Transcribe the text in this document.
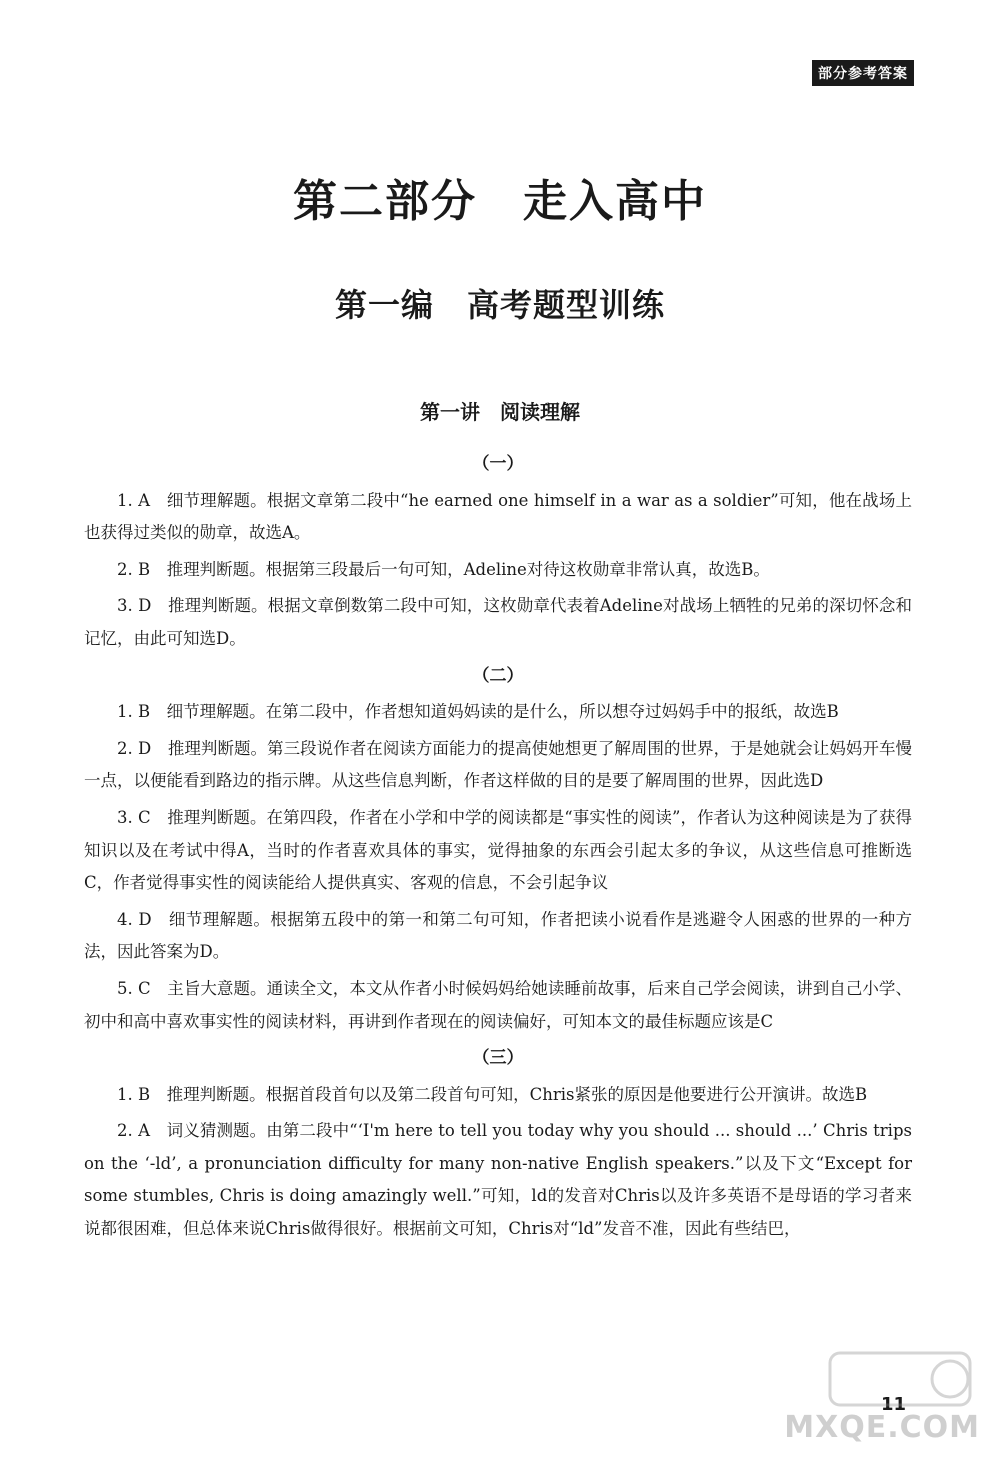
部分参考答案
第二部分　走入高中
第一编　高考题型训练
第一讲　阅读理解
（一）

1. A　细节理解题。根据文章第二段中“he earned one himself in a war as a soldier”可知，他在战场上也获得过类似的勋章，故选A。

2. B　推理判断题。根据第三段最后一句可知，Adeline对待这枚勋章非常认真，故选B。

3. D　推理判断题。根据文章倒数第二段中可知，这枚勋章代表着Adeline对战场上牺牲的兄弟的深切怀念和记忆，由此可知选D。

（二）

1. B　细节理解题。在第二段中，作者想知道妈妈读的是什么，所以想夺过妈妈手中的报纸，故选B

2. D　推理判断题。第三段说作者在阅读方面能力的提高使她想更了解周围的世界，于是她就会让妈妈开车慢一点，以便能看到路边的指示牌。从这些信息判断，作者这样做的目的是要了解周围的世界，因此选D

3. C　推理判断题。在第四段，作者在小学和中学的阅读都是“事实性的阅读”，作者认为这种阅读是为了获得知识以及在考试中得A，当时的作者喜欢具体的事实，觉得抽象的东西会引起太多的争议，从这些信息可推断选C，作者觉得事实性的阅读能给人提供真实、客观的信息，不会引起争议

4. D　细节理解题。根据第五段中的第一和第二句可知，作者把读小说看作是逃避令人困惑的世界的一种方法，因此答案为D。

5. C　主旨大意题。通读全文，本文从作者小时候妈妈给她读睡前故事，后来自己学会阅读，讲到自己小学、初中和高中喜欢事实性的阅读材料，再讲到作者现在的阅读偏好，可知本文的最佳标题应该是C

（三）

1. B　推理判断题。根据首段首句以及第二段首句可知，Chris紧张的原因是他要进行公开演讲。故选B

2. A　词义猜测题。由第二段中“‘I'm here to tell you today why you should ... should ...’ Chris trips on the ‘-ld’, a pronunciation difficulty for many non-native English speakers.”以及下文“Except for some stumbles, Chris is doing amazingly well.”可知，ld的发音对Chris以及许多英语不是母语的学习者来说都很困难，但总体来说Chris做得很好。根据前文可知，Chris对“ld”发音不准，因此有些结巴，

11
MXQE.COM
